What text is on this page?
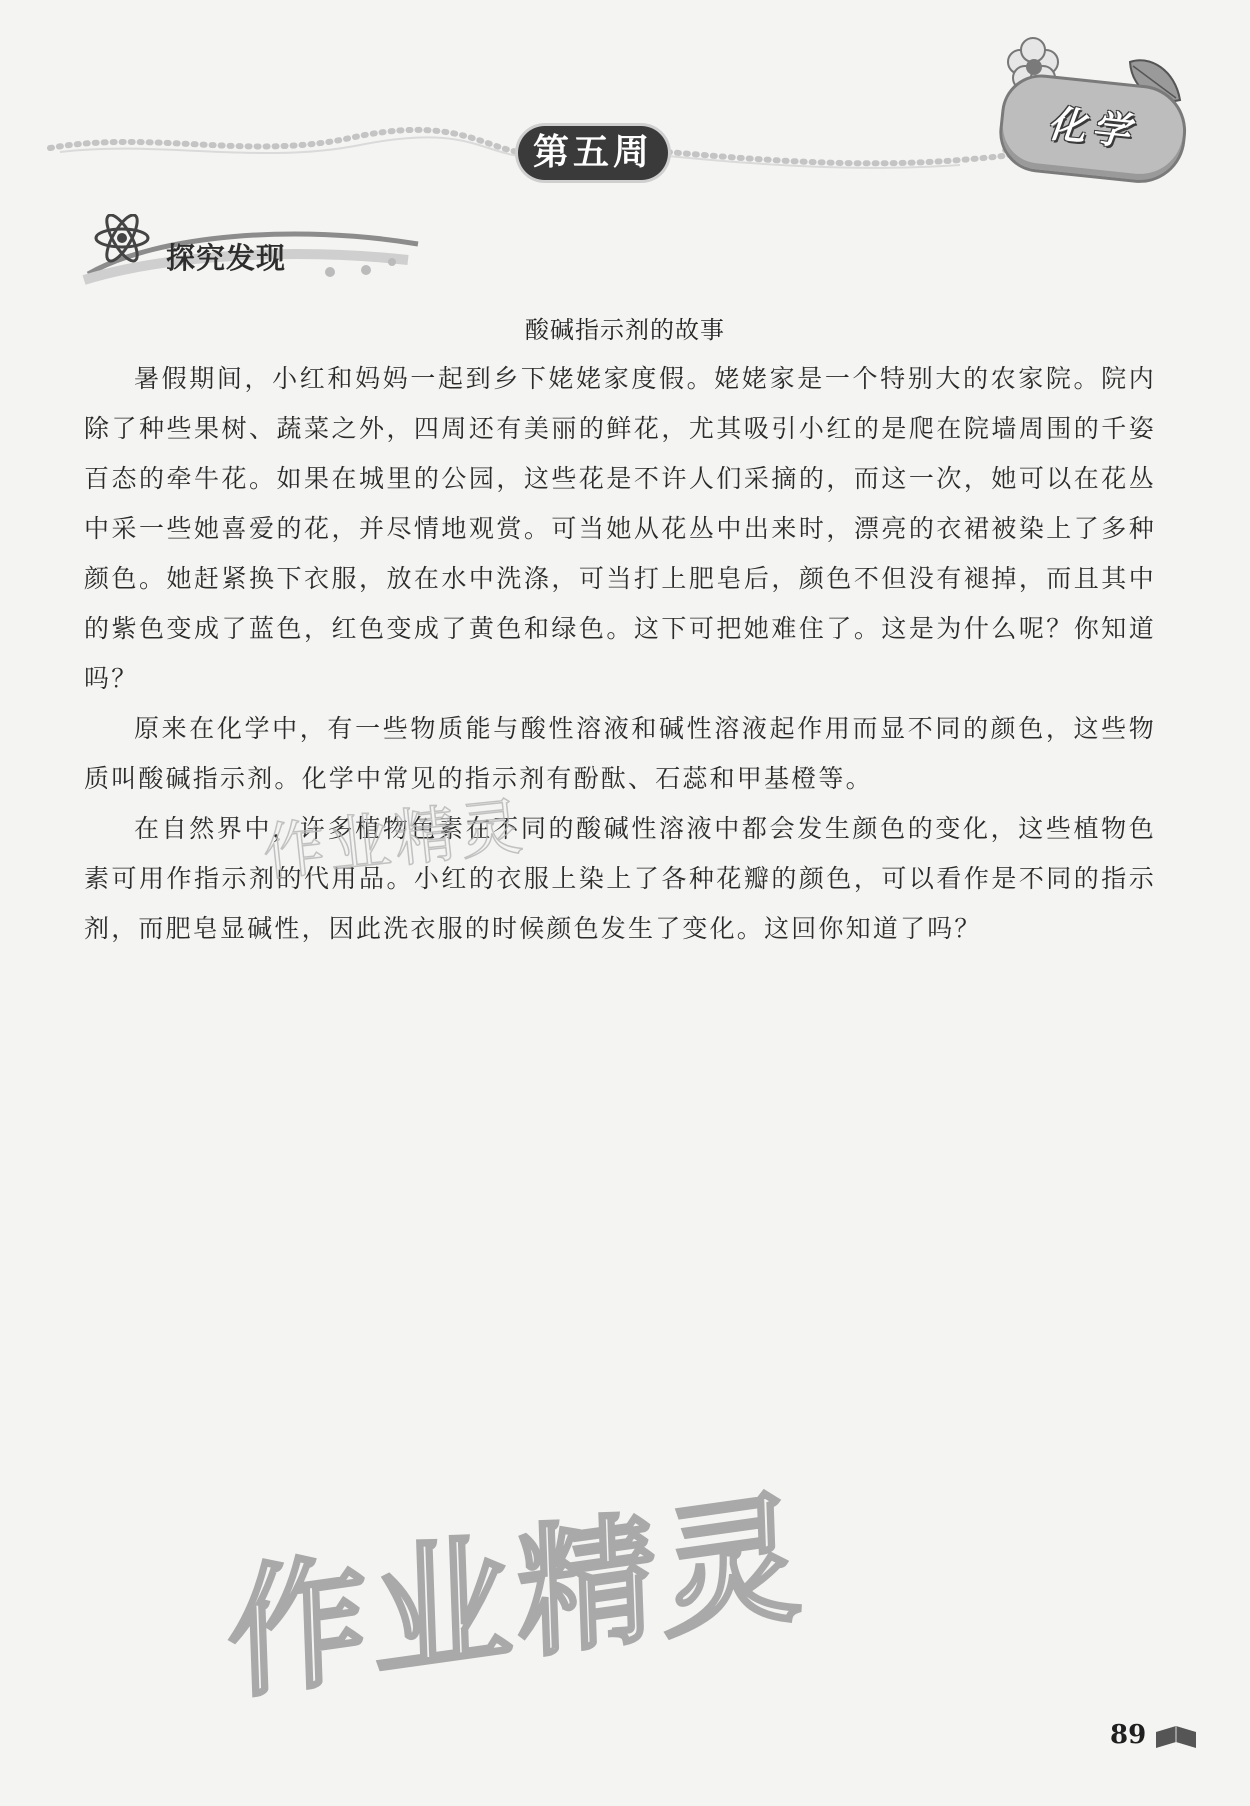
化学
第五周
探究发现
酸碱指示剂的故事

暑假期间，小红和妈妈一起到乡下姥姥家度假。姥姥家是一个特别大的农家院。院内除了种些果树、蔬菜之外，四周还有美丽的鲜花，尤其吸引小红的是爬在院墙周围的千姿百态的牵牛花。如果在城里的公园，这些花是不许人们采摘的，而这一次，她可以在花丛中采一些她喜爱的花，并尽情地观赏。可当她从花丛中出来时，漂亮的衣裙被染上了多种颜色。她赶紧换下衣服，放在水中洗涤，可当打上肥皂后，颜色不但没有褪掉，而且其中的紫色变成了蓝色，红色变成了黄色和绿色。这下可把她难住了。这是为什么呢？你知道吗？

原来在化学中，有一些物质能与酸性溶液和碱性溶液起作用而显不同的颜色，这些物质叫酸碱指示剂。化学中常见的指示剂有酚酞、石蕊和甲基橙等。

在自然界中，许多植物色素在不同的酸碱性溶液中都会发生颜色的变化，这些植物色素可用作指示剂的代用品。小红的衣服上染上了各种花瓣的颜色，可以看作是不同的指示剂，而肥皂显碱性，因此洗衣服的时候颜色发生了变化。这回你知道了吗？

作业精灵
作业精灵
89
